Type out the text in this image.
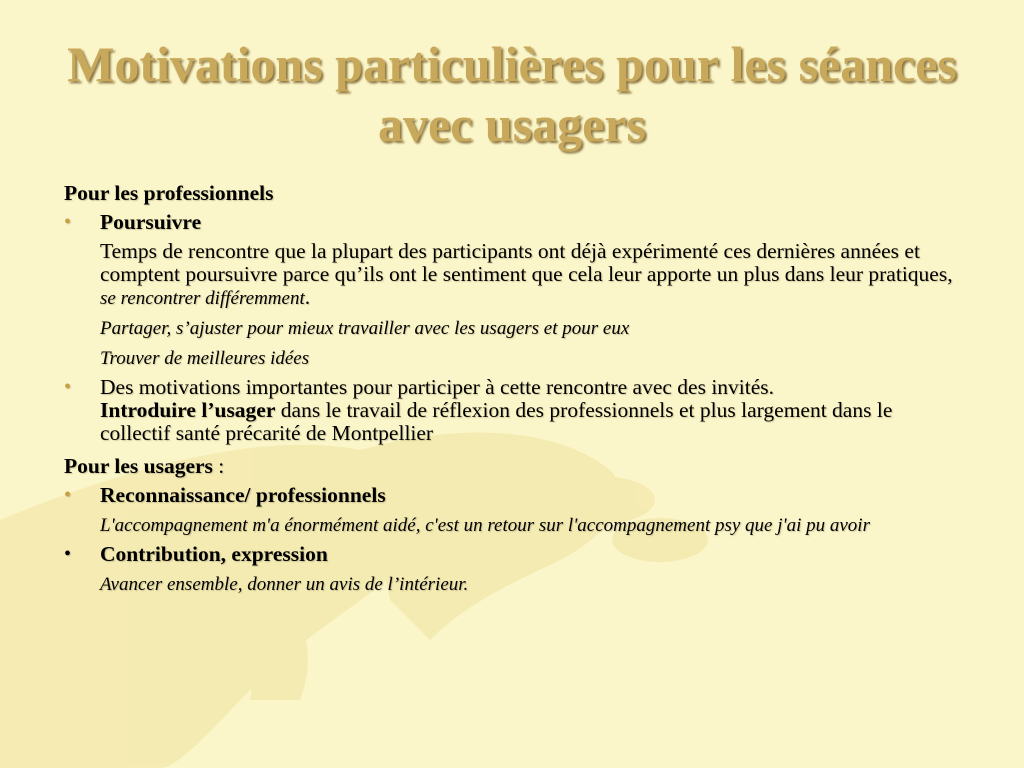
Motivations particulières pour les séances avec usagers
Pour les professionnels
•	Poursuivre
Temps de rencontre que la plupart des participants ont déjà expérimenté ces dernières années et comptent poursuivre parce qu’ils ont le sentiment que cela leur apporte un plus dans leur pratiques, se rencontrer différemment.
Partager, s’ajuster pour mieux travailler avec les usagers et pour eux
Trouver de meilleures idées
•	Des motivations importantes pour participer à cette rencontre avec des invités.
Introduire l’usager dans le travail de réflexion des professionnels et plus largement dans le collectif santé précarité de Montpellier
Pour les usagers :
•	Reconnaissance/ professionnels
L'accompagnement m'a énormément aidé, c'est un retour sur l'accompagnement psy que j'ai pu avoir
•	Contribution, expression
Avancer ensemble, donner un avis de l’intérieur.
